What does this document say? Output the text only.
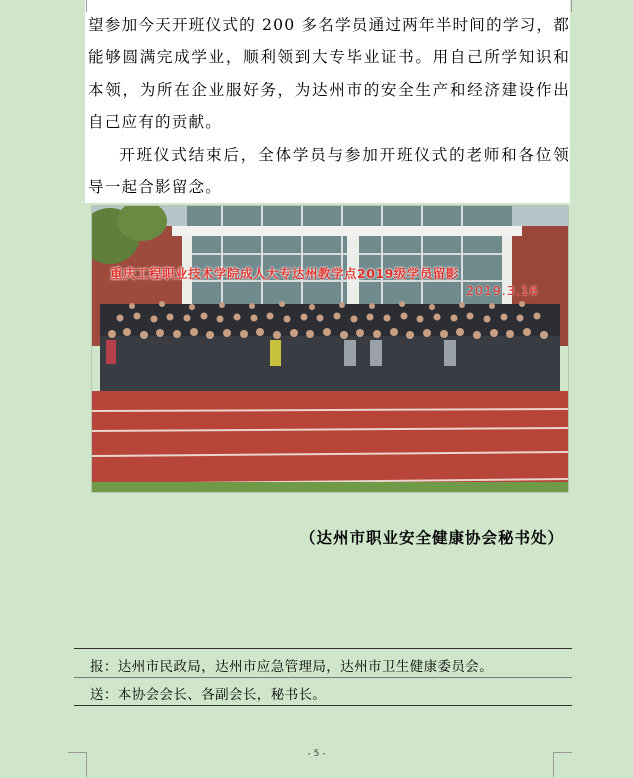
望参加今天开班仪式的 200 多名学员通过两年半时间的学习，都能够圆满完成学业，顺利领到大专毕业证书。用自己所学知识和本领，为所在企业服好务，为达州市的安全生产和经济建设作出自己应有的贡献。

开班仪式结束后，全体学员与参加开班仪式的老师和各位领导一起合影留念。

重庆工程职业技术学院成人大专达州教学点2019级学员留影
2019.3.16
（达州市职业安全健康协会秘书处）
报：达州市民政局，达州市应急管理局，达州市卫生健康委员会。
送：本协会会长、各副会长，秘书长。
- 5 -
